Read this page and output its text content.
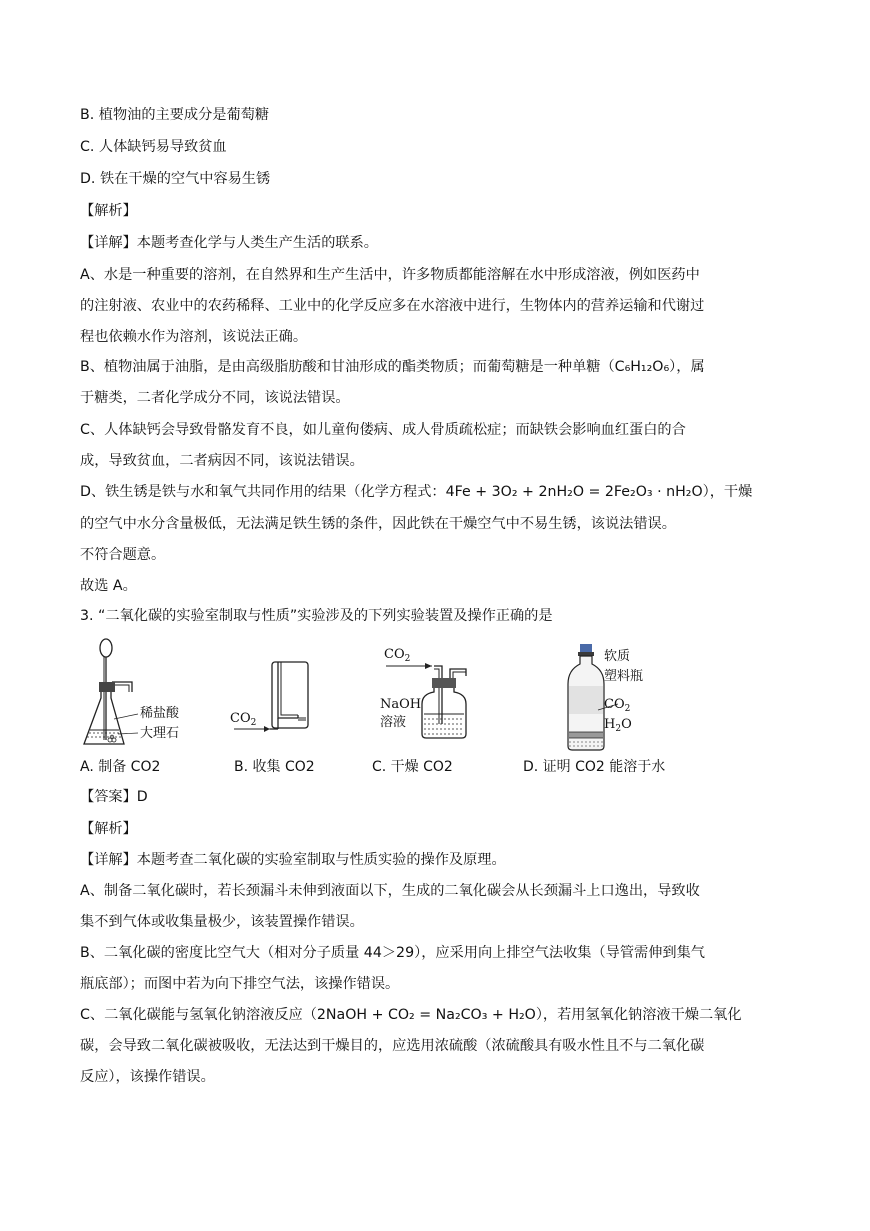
B. 植物油的主要成分是葡萄糖
C. 人体缺钙易导致贫血
D. 铁在干燥的空气中容易生锈
【解析】
【详解】本题考查化学与人类生产生活的联系。
A、水是一种重要的溶剂，在自然界和生产生活中，许多物质都能溶解在水中形成溶液，例如医药中
的注射液、农业中的农药稀释、工业中的化学反应多在水溶液中进行，生物体内的营养运输和代谢过
程也依赖水作为溶剂，该说法正确。
B、植物油属于油脂，是由高级脂肪酸和甘油形成的酯类物质；而葡萄糖是一种单糖（C₆H₁₂O₆），属
于糖类，二者化学成分不同，该说法错误。
C、人体缺钙会导致骨骼发育不良，如儿童佝偻病、成人骨质疏松症；而缺铁会影响血红蛋白的合
成，导致贫血，二者病因不同，该说法错误。
D、铁生锈是铁与水和氧气共同作用的结果（化学方程式：4Fe + 3O₂ + 2nH₂O = 2Fe₂O₃ · nH₂O），干燥
的空气中水分含量极低，无法满足铁生锈的条件，因此铁在干燥空气中不易生锈，该说法错误。
不符合题意。
故选 A。
3. “二氧化碳的实验室制取与性质”实验涉及的下列实验装置及操作正确的是
稀盐酸
大理石
A. 制备 CO2
$CO_2$
B. 收集 CO2
$CO_2$
NaOH
溶液
C. 干燥 CO2
软质
塑料瓶
$CO_2$
$H_2O$
D. 证明 CO2 能溶于水
【答案】D
【解析】
【详解】本题考查二氧化碳的实验室制取与性质实验的操作及原理。
A、制备二氧化碳时，若长颈漏斗未伸到液面以下，生成的二氧化碳会从长颈漏斗上口逸出，导致收
集不到气体或收集量极少，该装置操作错误。
B、二氧化碳的密度比空气大（相对分子质量 44＞29），应采用向上排空气法收集（导管需伸到集气
瓶底部）；而图中若为向下排空气法，该操作错误。
C、二氧化碳能与氢氧化钠溶液反应（2NaOH + CO₂ = Na₂CO₃ + H₂O），若用氢氧化钠溶液干燥二氧化
碳，会导致二氧化碳被吸收，无法达到干燥目的，应选用浓硫酸（浓硫酸具有吸水性且不与二氧化碳
反应），该操作错误。
